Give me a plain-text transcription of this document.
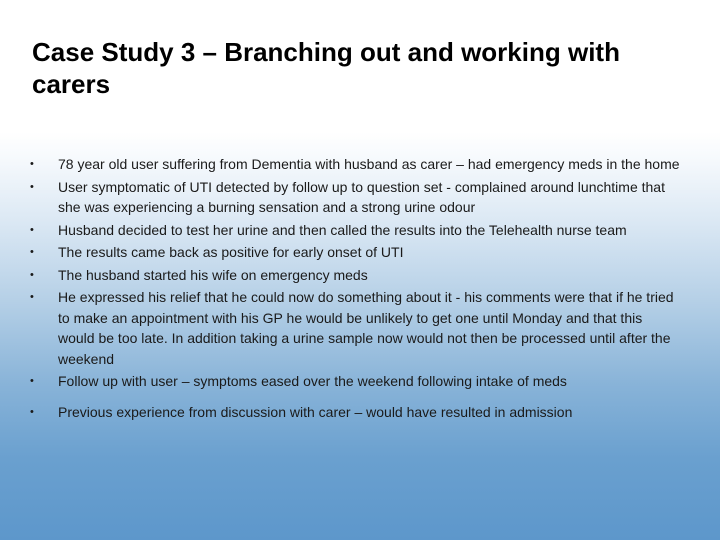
Case Study 3 – Branching out and working with carers
• 78 year old user suffering from Dementia with husband as carer – had emergency meds in the home
• User symptomatic of UTI detected by follow up to question set - complained around lunchtime that she was experiencing a burning sensation and a strong urine odour
• Husband decided to test her urine and then called the results into the Telehealth nurse team
• The results came back as positive for early onset of UTI
• The husband started his wife on emergency meds
• He expressed his relief that he could now do something about it - his comments were that if he tried to make an appointment with his GP he would be unlikely to get one until Monday and that this would be too late. In addition taking a urine sample now would not then be processed until after the weekend
• Follow up with user – symptoms eased over the weekend following intake of meds
• Previous experience from discussion with carer – would have resulted in admission
